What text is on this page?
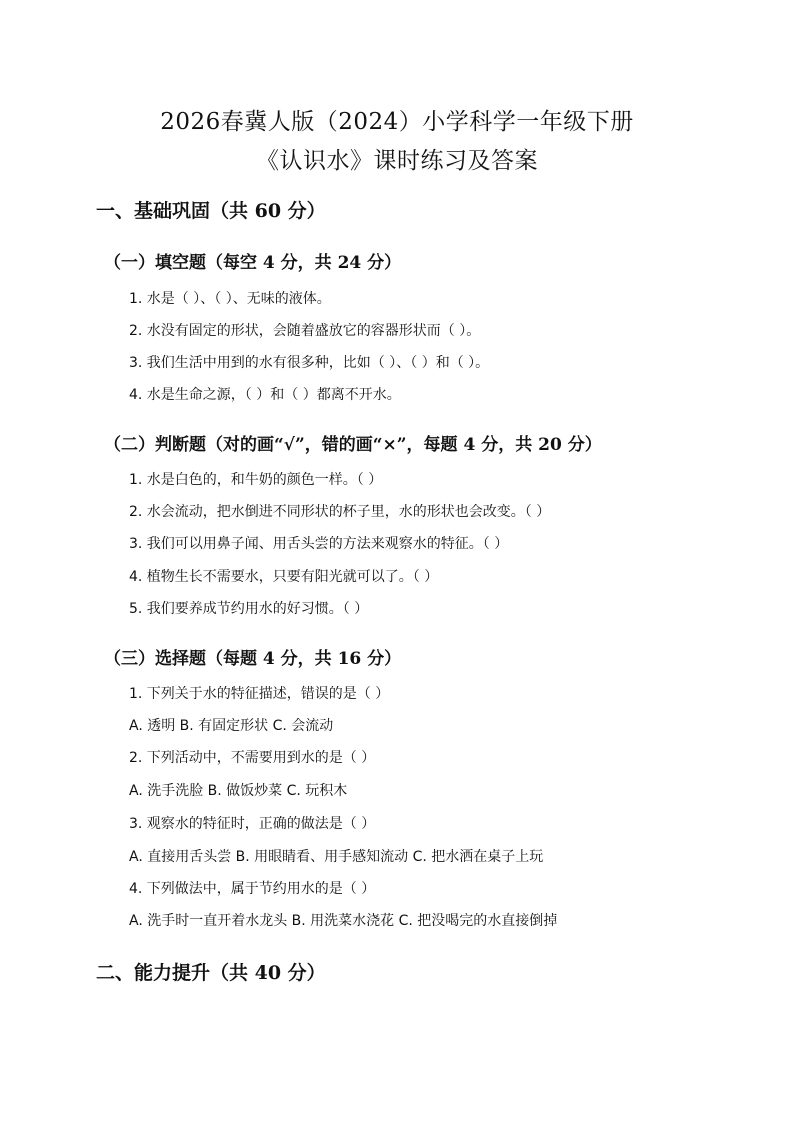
2026春冀人版（2024）小学科学一年级下册
《认识水》课时练习及答案
一、基础巩固（共 60 分）
（一）填空题（每空 4 分，共 24 分）
1. 水是（ ）、（ ）、无味的液体。
2. 水没有固定的形状，会随着盛放它的容器形状而（ ）。
3. 我们生活中用到的水有很多种，比如（ ）、（ ）和（ ）。
4. 水是生命之源，（ ）和（ ）都离不开水。
（二）判断题（对的画“√”，错的画“×”，每题 4 分，共 20 分）
1. 水是白色的，和牛奶的颜色一样。（ ）
2. 水会流动，把水倒进不同形状的杯子里，水的形状也会改变。（ ）
3. 我们可以用鼻子闻、用舌头尝的方法来观察水的特征。（ ）
4. 植物生长不需要水，只要有阳光就可以了。（ ）
5. 我们要养成节约用水的好习惯。（ ）
（三）选择题（每题 4 分，共 16 分）
1. 下列关于水的特征描述，错误的是（ ）
A. 透明 B. 有固定形状 C. 会流动
2. 下列活动中，不需要用到水的是（ ）
A. 洗手洗脸 B. 做饭炒菜 C. 玩积木
3. 观察水的特征时，正确的做法是（ ）
A. 直接用舌头尝 B. 用眼睛看、用手感知流动 C. 把水洒在桌子上玩
4. 下列做法中，属于节约用水的是（ ）
A. 洗手时一直开着水龙头 B. 用洗菜水浇花 C. 把没喝完的水直接倒掉
二、能力提升（共 40 分）
